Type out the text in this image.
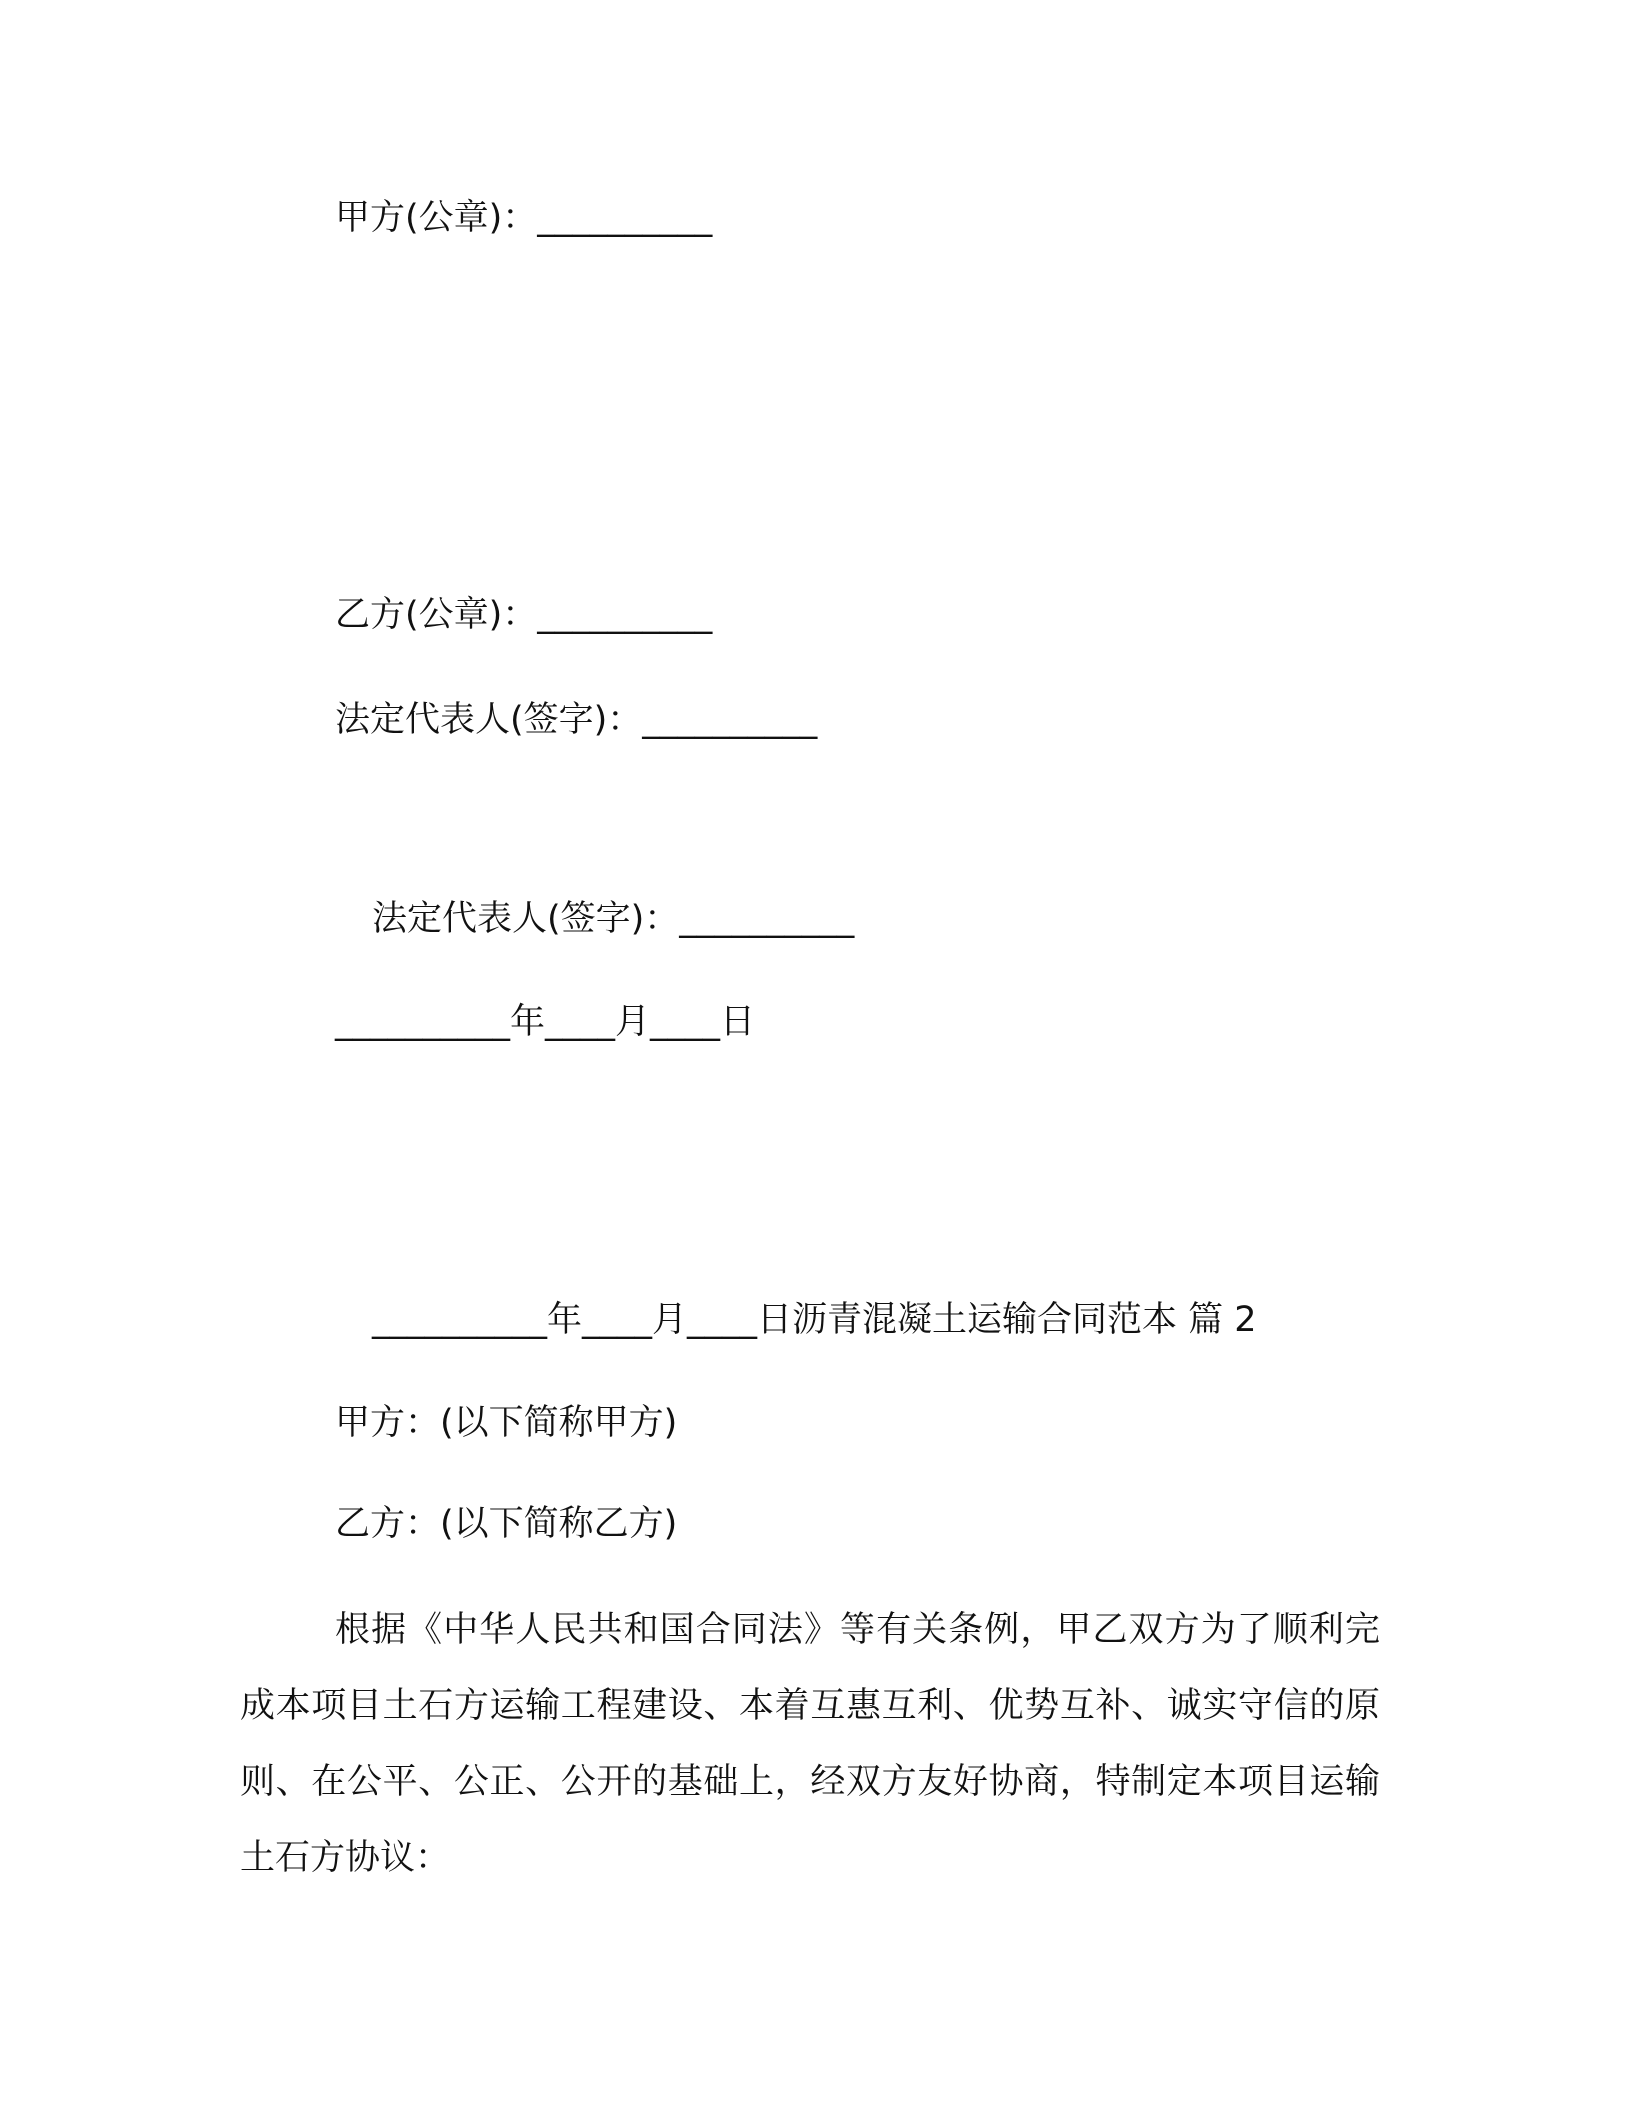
甲方(公章)：__________
乙方(公章)：__________
法定代表人(签字)：__________
法定代表人(签字)：__________
__________年____月____日
__________年____月____日沥青混凝土运输合同范本 篇 2
甲方：(以下简称甲方)
乙方：(以下简称乙方)

根据《中华人民共和国合同法》等有关条例，甲乙双方为了顺利完成本项目土石方运输工程建设、本着互惠互利、优势互补、诚实守信的原则、在公平、公正、公开的基础上，经双方友好协商，特制定本项目运输土石方协议：
